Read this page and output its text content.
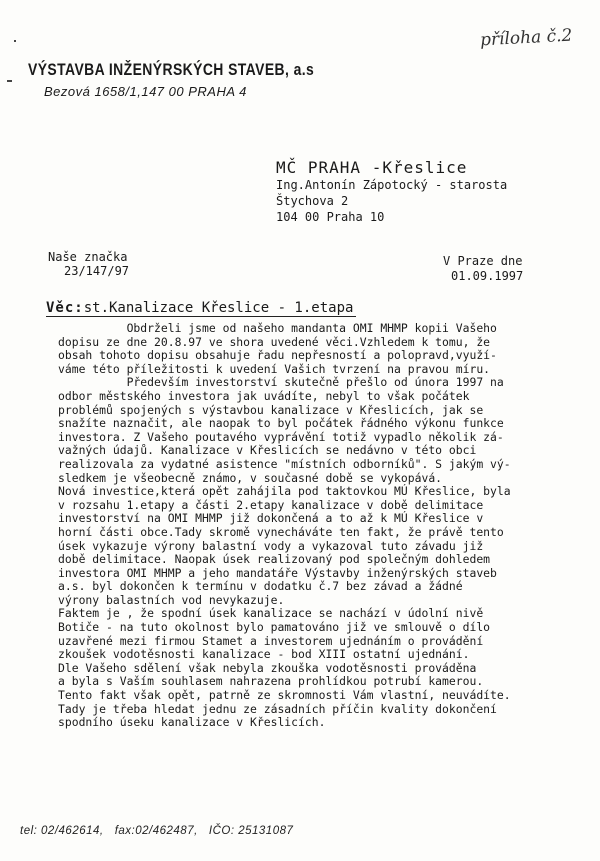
příloha č.2
VÝSTAVBA INŽENÝRSKÝCH STAVEB, a.s
Bezová 1658/1,147 00 PRAHA 4
MČ PRAHA -Křeslice
Ing.Antonín Zápotocký - starosta
Štychova 2
104 00 Praha 10
Naše značka
23/147/97
V Praze dne
01.09.1997
Věc:st.Kanalizace Křeslice - 1.etapa
Obdrželi jsme od našeho mandanta OMI MHMP kopii Vašeho
dopisu ze dne 20.8.97 ve shora uvedené věci.Vzhledem k tomu, že
obsah tohoto dopisu obsahuje řadu nepřesností a polopravd,využí-
váme této příležitosti k uvedení Vašich tvrzení na pravou míru.
Především investorství skutečně přešlo od února 1997 na
odbor městského investora jak uvádíte, nebyl to však počátek
problémů spojených s výstavbou kanalizace v Křeslicích, jak se
snažíte naznačit, ale naopak to byl počátek řádného výkonu funkce
investora. Z Vašeho poutavého vyprávění totiž vypadlo několik zá-
važných údajů. Kanalizace v Křeslicích se nedávno v této obci
realizovala za vydatné asistence "místních odborníků". S jakým vý-
sledkem je všeobecně známo, v současné době se vykopává.
Nová investice,která opět zahájila pod taktovkou MÚ Křeslice, byla
v rozsahu 1.etapy a části 2.etapy kanalizace v době delimitace
investorství na OMI MHMP již dokončená a to až k MÚ Křeslice v
horní části obce.Tady skromě vynecháváte ten fakt, že právě tento
úsek vykazuje výrony balastní vody a vykazoval tuto závadu již
době delimitace. Naopak úsek realizovaný pod společným dohledem
investora OMI MHMP a jeho mandatáře Výstavby inženýrských staveb
a.s. byl dokončen k termínu v dodatku č.7 bez závad a žádné
výrony balastních vod nevykazuje.
Faktem je , že spodní úsek kanalizace se nachází v údolní nivě
Botiče - na tuto okolnost bylo pamatováno již ve smlouvě o dílo
uzavřené mezi firmou Stamet a investorem ujednáním o provádění
zkoušek vodotěsnosti kanalizace - bod XIII ostatní ujednání.
Dle Vašeho sdělení však nebyla zkouška vodotěsnosti prováděna
a byla s Vaším souhlasem nahrazena prohlídkou potrubí kamerou.
Tento fakt však opět, patrně ze skromnosti Vám vlastní, neuvádíte.
Tady je třeba hledat jednu ze zásadních příčin kvality dokončení
spodního úseku kanalizace v Křeslicích.
tel: 02/462614, fax:02/462487, IČO: 25131087
